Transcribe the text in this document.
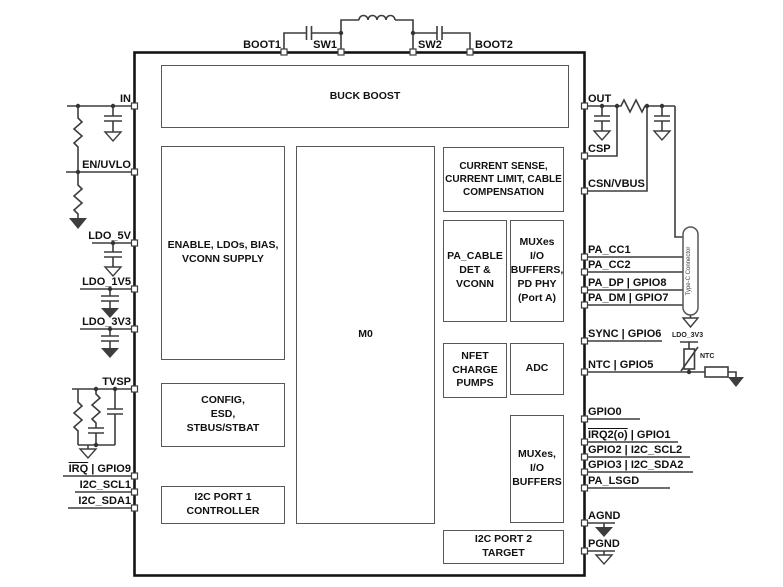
BUCK BOOST
ENABLE, LDOs, BIAS,
VCONN SUPPLY
M0
CURRENT SENSE,
CURRENT LIMIT, CABLE
COMPENSATION
PA_CABLE
DET &
VCONN
MUXes
I/O
BUFFERS,
PD PHY
(Port A)
NFET
CHARGE
PUMPS
ADC
MUXes,
I/O
BUFFERS
I2C PORT 2
TARGET
CONFIG,
ESD,
STBUS/STBAT
I2C PORT 1
CONTROLLER
BOOT1	SW1	SW2	BOOT2
IN
EN/UVLO
LDO_5V
LDO_1V5
LDO_3V3
TVSP
$\overline{IRQ}$ | GPIO9
I2C_SCL1
I2C_SDA1
OUT
CSP
CSN/VBUS
PA_CC1
PA_CC2
PA_DP | GPIO8
PA_DM | GPIO7
SYNC | GPIO6
NTC | GPIO5
GPIO0
IRQ2(o) | GPIO1
GPIO2 | I2C_SCL2
GPIO3 | I2C_SDA2
PA_LSGD
AGND
PGND
Type-C Connector
LDO_3V3
NTC
